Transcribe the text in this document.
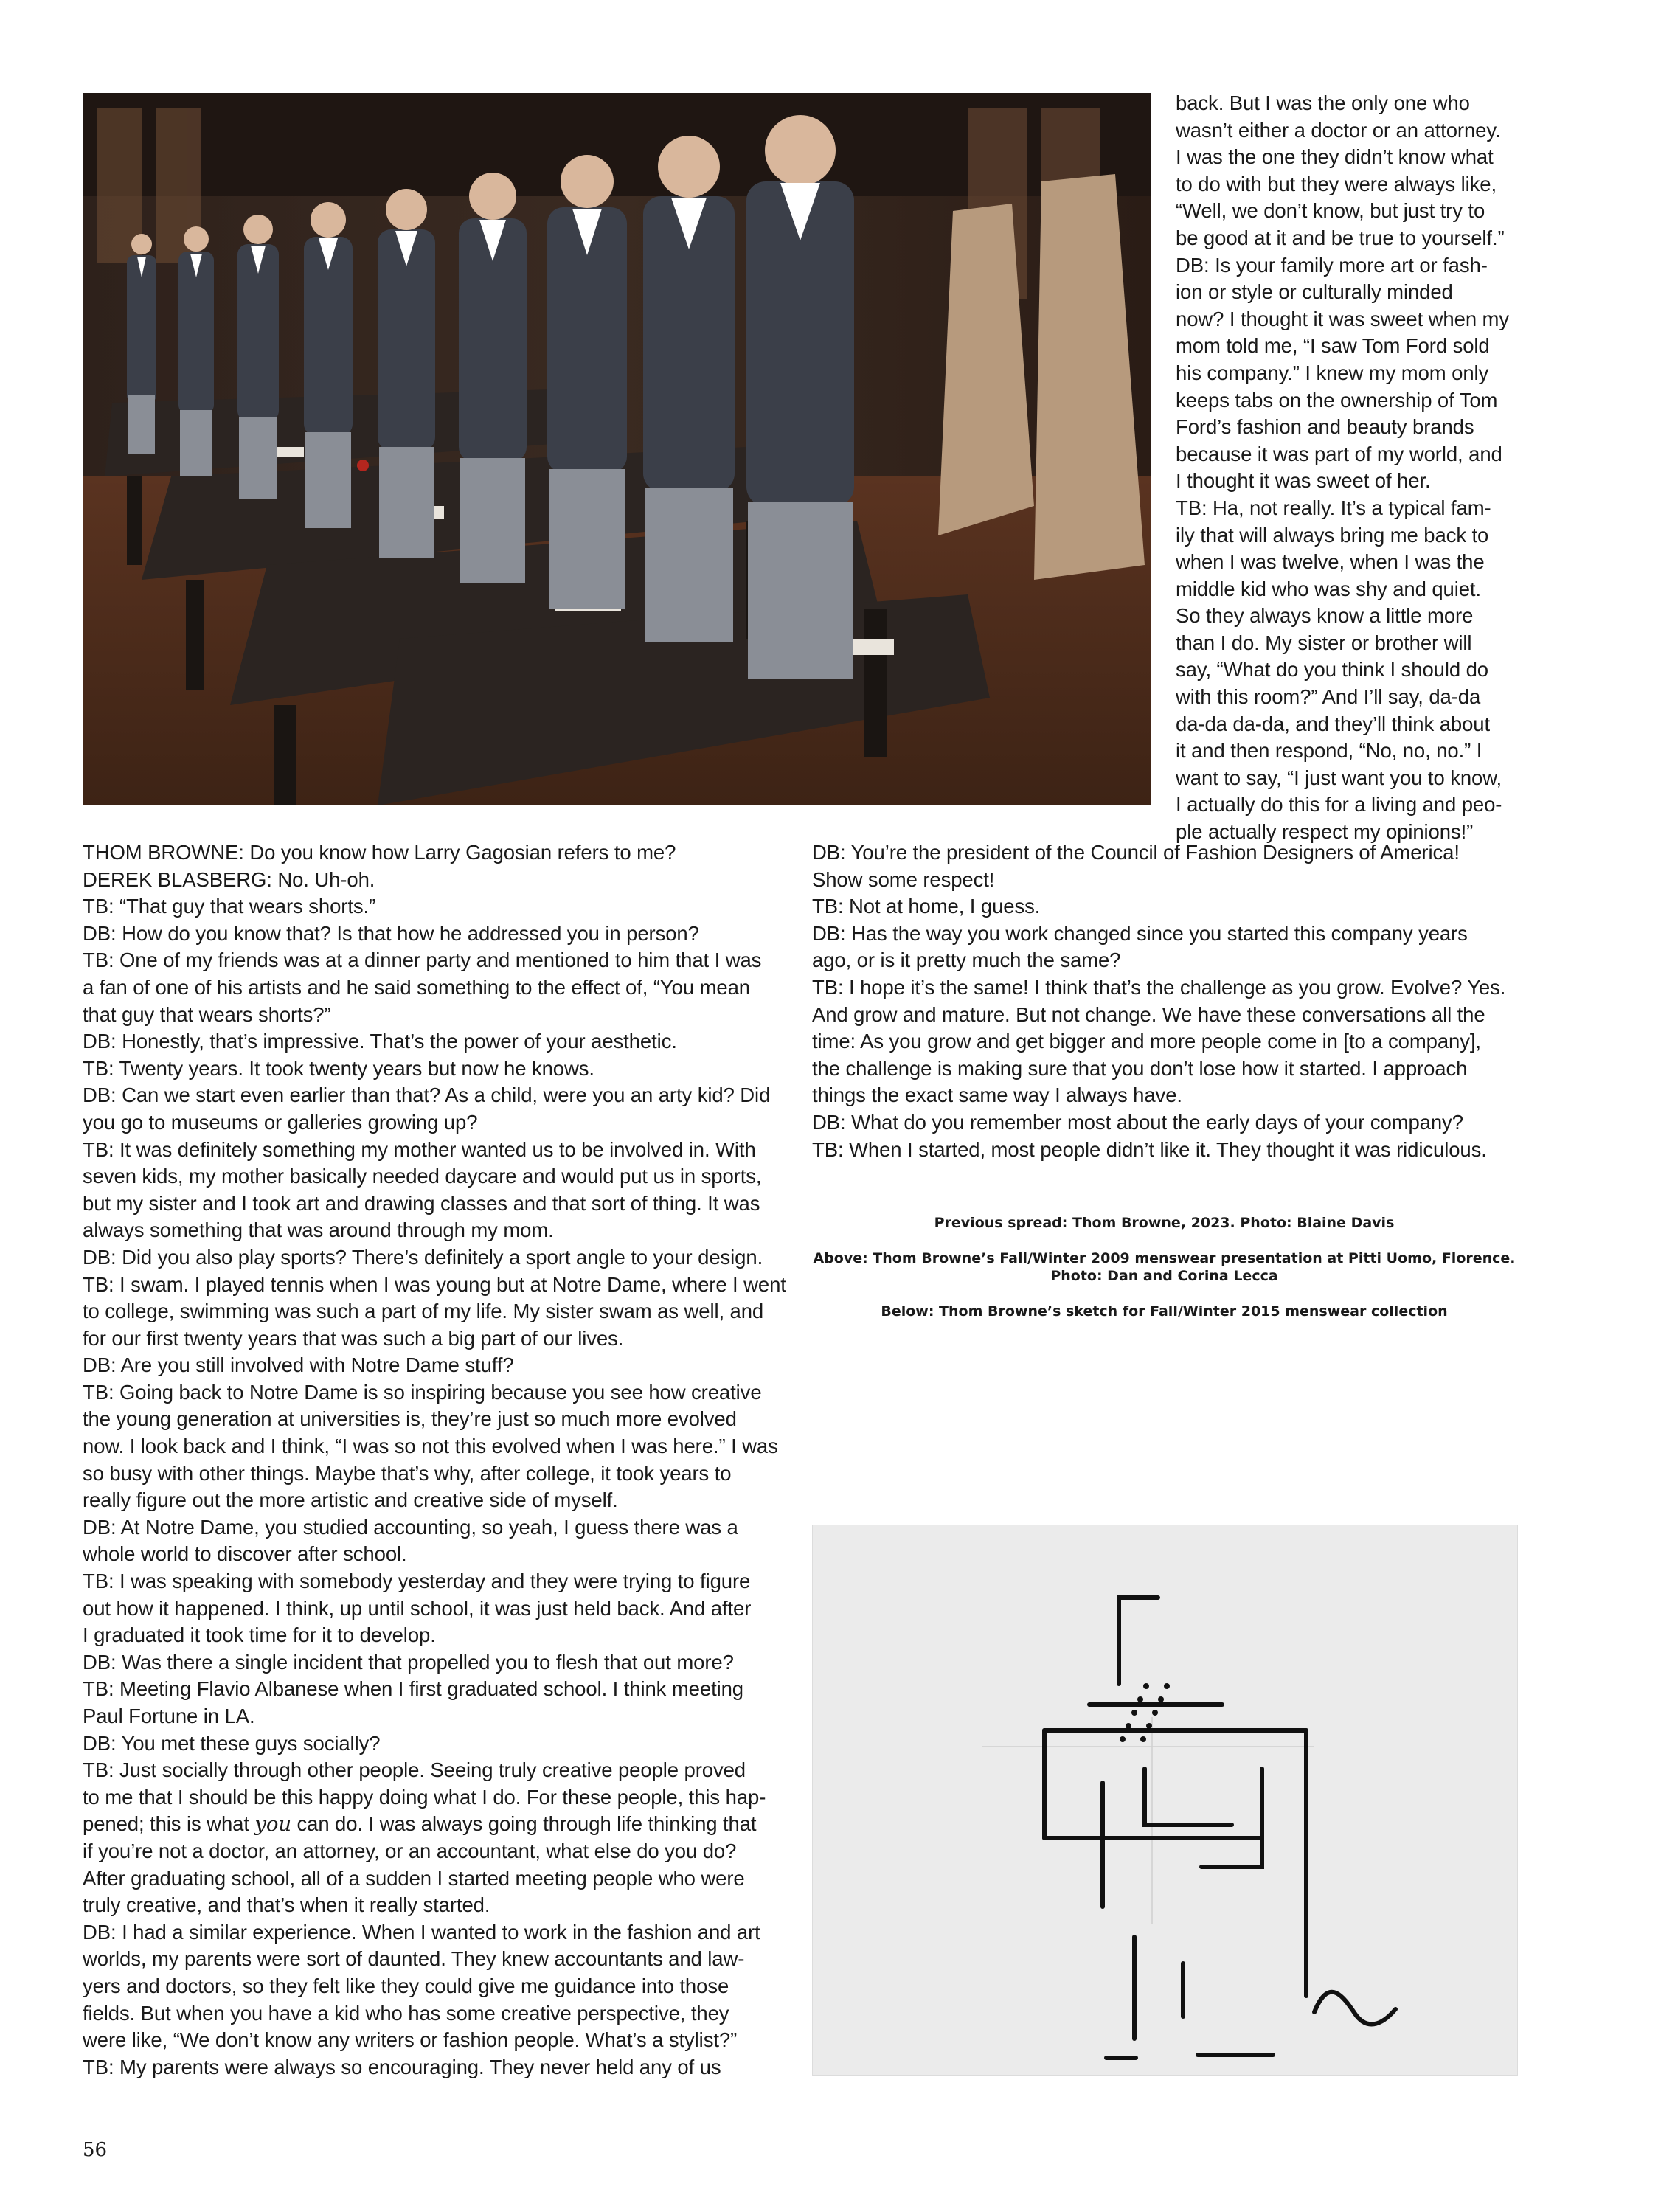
back. But I was the only one who

wasn’t either a doctor or an attorney.

I was the one they didn’t know what

to do with but they were always like,

“Well, we don’t know, but just try to

be good at it and be true to yourself.”

DB: Is your family more art or fash-

ion or style or culturally minded

now? I thought it was sweet when my

mom told me, “I saw Tom Ford sold

his company.” I knew my mom only

keeps tabs on the ownership of Tom

Ford’s fashion and beauty brands

because it was part of my world, and

I thought it was sweet of her.

TB: Ha, not really. It’s a typical fam-

ily that will always bring me back to

when I was twelve, when I was the

middle kid who was shy and quiet.

So they always know a little more

than I do. My sister or brother will

say, “What do you think I should do

with this room?” And I’ll say, da-da

da-da da-da, and they’ll think about

it and then respond, “No, no, no.” I

want to say, “I just want you to know,

I actually do this for a living and peo-

ple actually respect my opinions!”

THOM BROWNE: Do you know how Larry Gagosian refers to me?

DEREK BLASBERG: No. Uh-oh.

TB: “That guy that wears shorts.”

DB: How do you know that? Is that how he addressed you in person?

TB: One of my friends was at a dinner party and mentioned to him that I was

a fan of one of his artists and he said something to the effect of, “You mean

that guy that wears shorts?”

DB: Honestly, that’s impressive. That’s the power of your aesthetic.

TB: Twenty years. It took twenty years but now he knows.

DB: Can we start even earlier than that? As a child, were you an arty kid? Did

you go to museums or galleries growing up?

TB: It was definitely something my mother wanted us to be involved in. With

seven kids, my mother basically needed daycare and would put us in sports,

but my sister and I took art and drawing classes and that sort of thing. It was

always something that was around through my mom.

DB: Did you also play sports? There’s definitely a sport angle to your design.

TB: I swam. I played tennis when I was young but at Notre Dame, where I went

to college, swimming was such a part of my life. My sister swam as well, and

for our first twenty years that was such a big part of our lives.

DB: Are you still involved with Notre Dame stuff?

TB: Going back to Notre Dame is so inspiring because you see how creative

the young generation at universities is, they’re just so much more evolved

now. I look back and I think, “I was so not this evolved when I was here.” I was

so busy with other things. Maybe that’s why, after college, it took years to

really figure out the more artistic and creative side of myself.

DB: At Notre Dame, you studied accounting, so yeah, I guess there was a

whole world to discover after school.

TB: I was speaking with somebody yesterday and they were trying to figure

out how it happened. I think, up until school, it was just held back. And after

I graduated it took time for it to develop.

DB: Was there a single incident that propelled you to flesh that out more?

TB: Meeting Flavio Albanese when I first graduated school. I think meeting

Paul Fortune in LA.

DB: You met these guys socially?

TB: Just socially through other people. Seeing truly creative people proved

to me that I should be this happy doing what I do. For these people, this hap-

pened; this is what you can do. I was always going through life thinking that

if you’re not a doctor, an attorney, or an accountant, what else do you do?

After graduating school, all of a sudden I started meeting people who were

truly creative, and that’s when it really started.

DB: I had a similar experience. When I wanted to work in the fashion and art

worlds, my parents were sort of daunted. They knew accountants and law-

yers and doctors, so they felt like they could give me guidance into those

fields. But when you have a kid who has some creative perspective, they

were like, “We don’t know any writers or fashion people. What’s a stylist?”

TB: My parents were always so encouraging. They never held any of us

DB: You’re the president of the Council of Fashion Designers of America!

Show some respect!

TB: Not at home, I guess.

DB: Has the way you work changed since you started this company years

ago, or is it pretty much the same?

TB: I hope it’s the same! I think that’s the challenge as you grow. Evolve? Yes.

And grow and mature. But not change. We have these conversations all the

time: As you grow and get bigger and more people come in [to a company],

the challenge is making sure that you don’t lose how it started. I approach

things the exact same way I always have.

DB: What do you remember most about the early days of your company?

TB: When I started, most people didn’t like it. They thought it was ridiculous.

Previous spread: Thom Browne, 2023. Photo: Blaine Davis

Above: Thom Browne’s Fall/Winter 2009 menswear presentation at Pitti Uomo, Florence.

Photo: Dan and Corina Lecca

Below: Thom Browne’s sketch for Fall/Winter 2015 menswear collection

56
